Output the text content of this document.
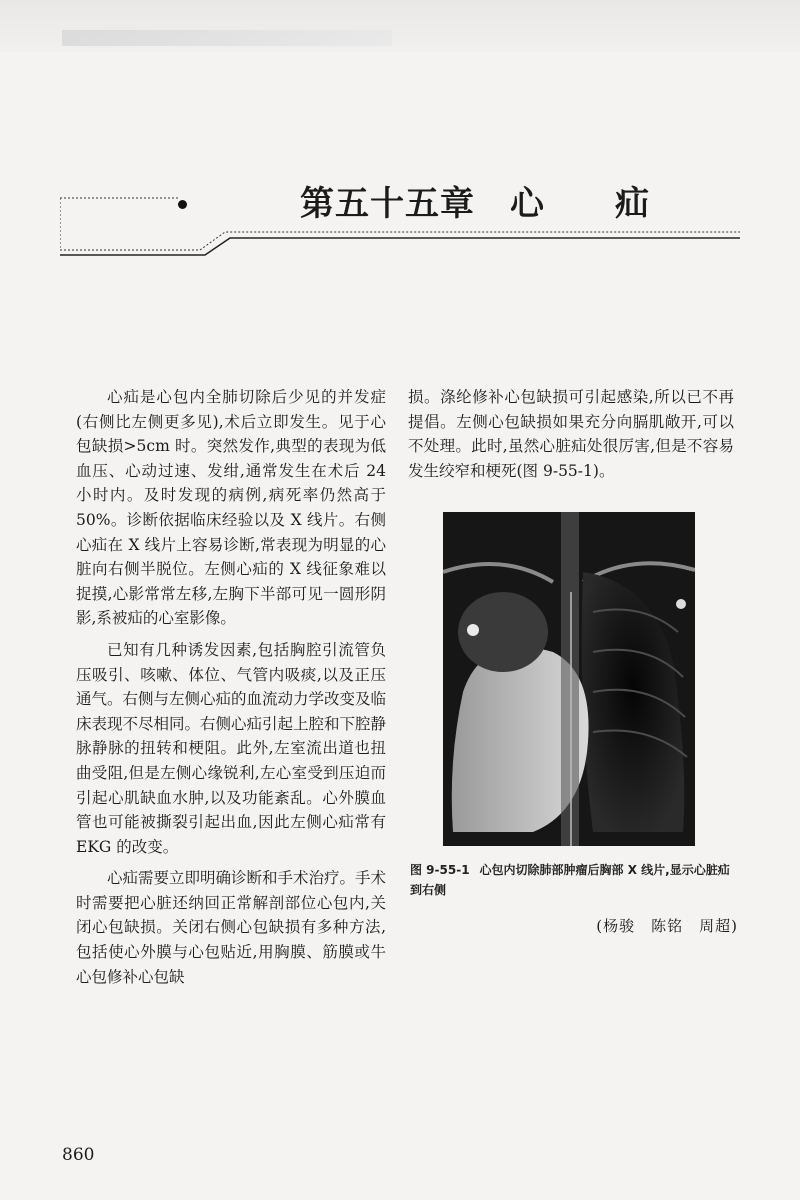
第五十五章　心　　疝

心疝是心包内全肺切除后少见的并发症(右侧比左侧更多见),术后立即发生。见于心包缺损>5cm 时。突然发作,典型的表现为低血压、心动过速、发绀,通常发生在术后 24 小时内。及时发现的病例,病死率仍然高于 50%。诊断依据临床经验以及 X 线片。右侧心疝在 X 线片上容易诊断,常表现为明显的心脏向右侧半脱位。左侧心疝的 X 线征象难以捉摸,心影常常左移,左胸下半部可见一圆形阴影,系被疝的心室影像。

已知有几种诱发因素,包括胸腔引流管负压吸引、咳嗽、体位、气管内吸痰,以及正压通气。右侧与左侧心疝的血流动力学改变及临床表现不尽相同。右侧心疝引起上腔和下腔静脉静脉的扭转和梗阻。此外,左室流出道也扭曲受阻,但是左侧心缘锐利,左心室受到压迫而引起心肌缺血水肿,以及功能紊乱。心外膜血管也可能被撕裂引起出血,因此左侧心疝常有 EKG 的改变。

心疝需要立即明确诊断和手术治疗。手术时需要把心脏还纳回正常解剖部位心包内,关闭心包缺损。关闭右侧心包缺损有多种方法,包括使心外膜与心包贴近,用胸膜、筋膜或牛心包修补心包缺

损。涤纶修补心包缺损可引起感染,所以已不再提倡。左侧心包缺损如果充分向膈肌敞开,可以不处理。此时,虽然心脏疝处很厉害,但是不容易发生绞窄和梗死(图 9-55-1)。

图 9-55-1 心包内切除肺部肿瘤后胸部 X 线片,显示心脏疝到右侧
(杨骏　陈铭　周超)
860
